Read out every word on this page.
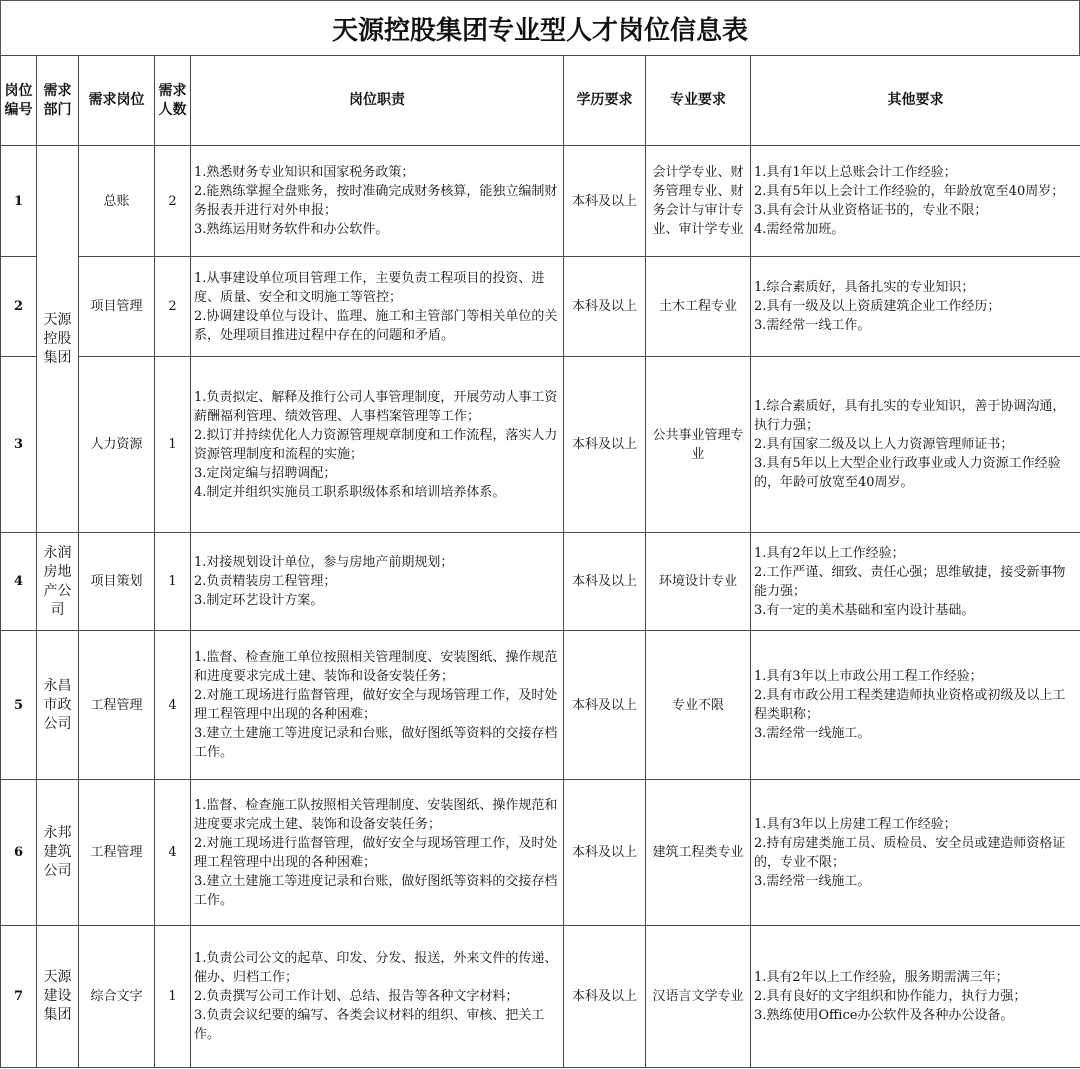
天源控股集团专业型人才岗位信息表
岗位编号	需求部门	需求岗位	需求人数	岗位职责	学历要求	专业要求	其他要求
1	天源控股集团	总账	2	1.熟悉财务专业知识和国家税务政策；
2.能熟练掌握全盘账务，按时准确完成财务核算，能独立编制财务报表并进行对外申报；
3.熟练运用财务软件和办公软件。	本科及以上	会计学专业、财务管理专业、财务会计与审计专业、审计学专业	1.具有1年以上总账会计工作经验；
2.具有5年以上会计工作经验的，年龄放宽至40周岁；
3.具有会计从业资格证书的，专业不限；
4.需经常加班。

2		项目管理	2	1.从事建设单位项目管理工作，主要负责工程项目的投资、进度、质量、安全和文明施工等管控；
2.协调建设单位与设计、监理、施工和主管部门等相关单位的关系，处理项目推进过程中存在的问题和矛盾。	本科及以上	土木工程专业	1.综合素质好，具备扎实的专业知识；
2.具有一级及以上资质建筑企业工作经历；
3.需经常一线工作。

3		人力资源	1	1.负责拟定、解释及推行公司人事管理制度，开展劳动人事工资薪酬福利管理、绩效管理、人事档案管理等工作；
2.拟订并持续优化人力资源管理规章制度和工作流程，落实人力资源管理制度和流程的实施；
3.定岗定编与招聘调配；
4.制定并组织实施员工职系职级体系和培训培养体系。	本科及以上	公共事业管理专业	1.综合素质好，具有扎实的专业知识，善于协调沟通，执行力强；
2.具有国家二级及以上人力资源管理师证书；
3.具有5年以上大型企业行政事业或人力资源工作经验的，年龄可放宽至40周岁。

4	永润房地产公司	项目策划	1	1.对接规划设计单位，参与房地产前期规划；
2.负责精装房工程管理；
3.制定环艺设计方案。	本科及以上	环境设计专业	1.具有2年以上工作经验；
2.工作严谨、细致、责任心强；思维敏捷，接受新事物能力强；
3.有一定的美术基础和室内设计基础。

5	永昌市政公司	工程管理	4	1.监督、检查施工单位按照相关管理制度、安装图纸、操作规范和进度要求完成土建、装饰和设备安装任务；
2.对施工现场进行监督管理，做好安全与现场管理工作，及时处理工程管理中出现的各种困难；
3.建立土建施工等进度记录和台账，做好图纸等资料的交接存档工作。	本科及以上	专业不限	1.具有3年以上市政公用工程工作经验；
2.具有市政公用工程类建造师执业资格或初级及以上工程类职称；
3.需经常一线施工。

6	永邦建筑公司	工程管理	4	1.监督、检查施工队按照相关管理制度、安装图纸、操作规范和进度要求完成土建、装饰和设备安装任务；
2.对施工现场进行监督管理，做好安全与现场管理工作，及时处理工程管理中出现的各种困难；
3.建立土建施工等进度记录和台账，做好图纸等资料的交接存档工作。	本科及以上	建筑工程类专业	1.具有3年以上房建工程工作经验；
2.持有房建类施工员、质检员、安全员或建造师资格证的，专业不限；
3.需经常一线施工。

7	天源建设集团	综合文字	1	1.负责公司公文的起草、印发、分发、报送，外来文件的传递、催办、归档工作；
2.负责撰写公司工作计划、总结、报告等各种文字材料；
3.负责会议纪要的编写、各类会议材料的组织、审核、把关工作。	本科及以上	汉语言文学专业	1.具有2年以上工作经验，服务期需满三年；
2.具有良好的文字组织和协作能力，执行力强；
3.熟练使用Office办公软件及各种办公设备。
